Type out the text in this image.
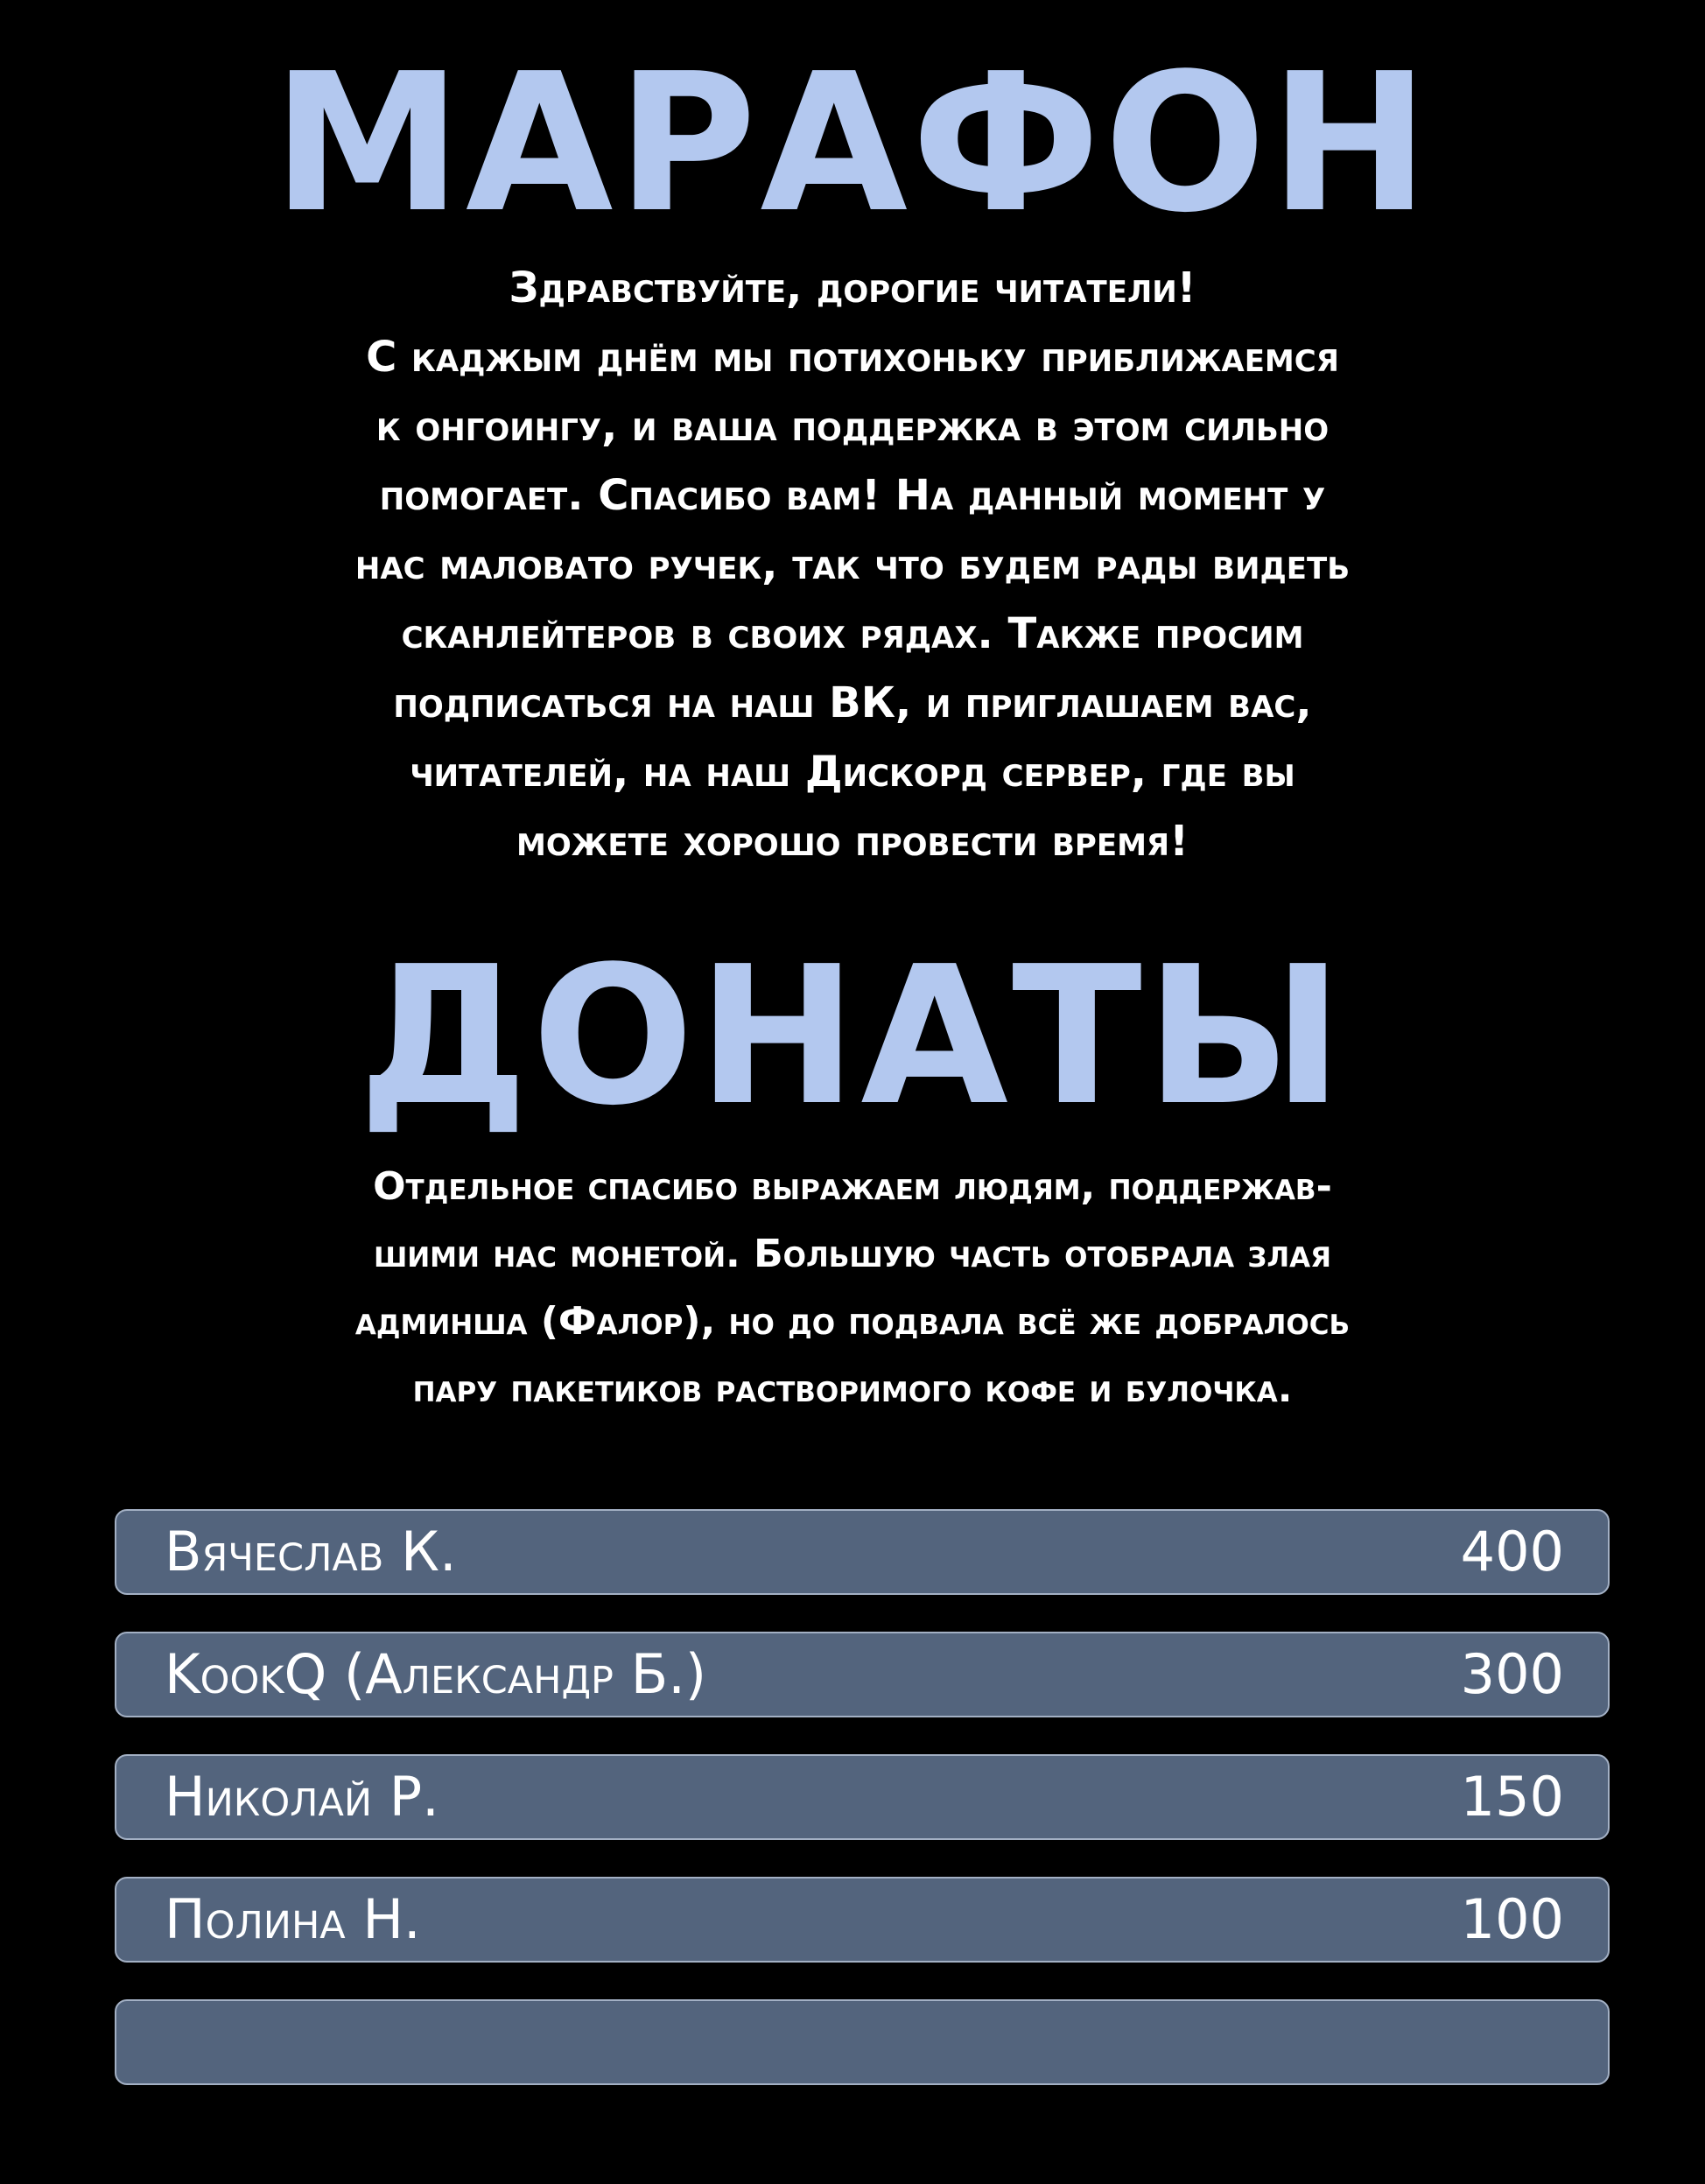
МАРАФОН
Здравствуйте, дорогие читатели!
С каджым днём мы потихоньку приближаемся
к онгоингу, и ваша поддержка в этом сильно
помогает. Спасибо вам! На данный момент у
нас маловато ручек, так что будем рады видеть
сканлейтеров в своих рядах. Также просим
подписаться на наш ВК, и приглашаем вас,
читателей, на наш Дискорд сервер, где вы
можете хорошо провести время!
ДОНАТЫ
Отдельное спасибо выражаем людям, поддержав-
шими нас монетой. Большую часть отобрала злая
админша (Фалор), но до подвала всё же добралось
пару пакетиков растворимого кофе и булочка.
Вячеслав К.	400
KookQ (Александр Б.)	300
Николай Р.	150
Полина Н.	100
